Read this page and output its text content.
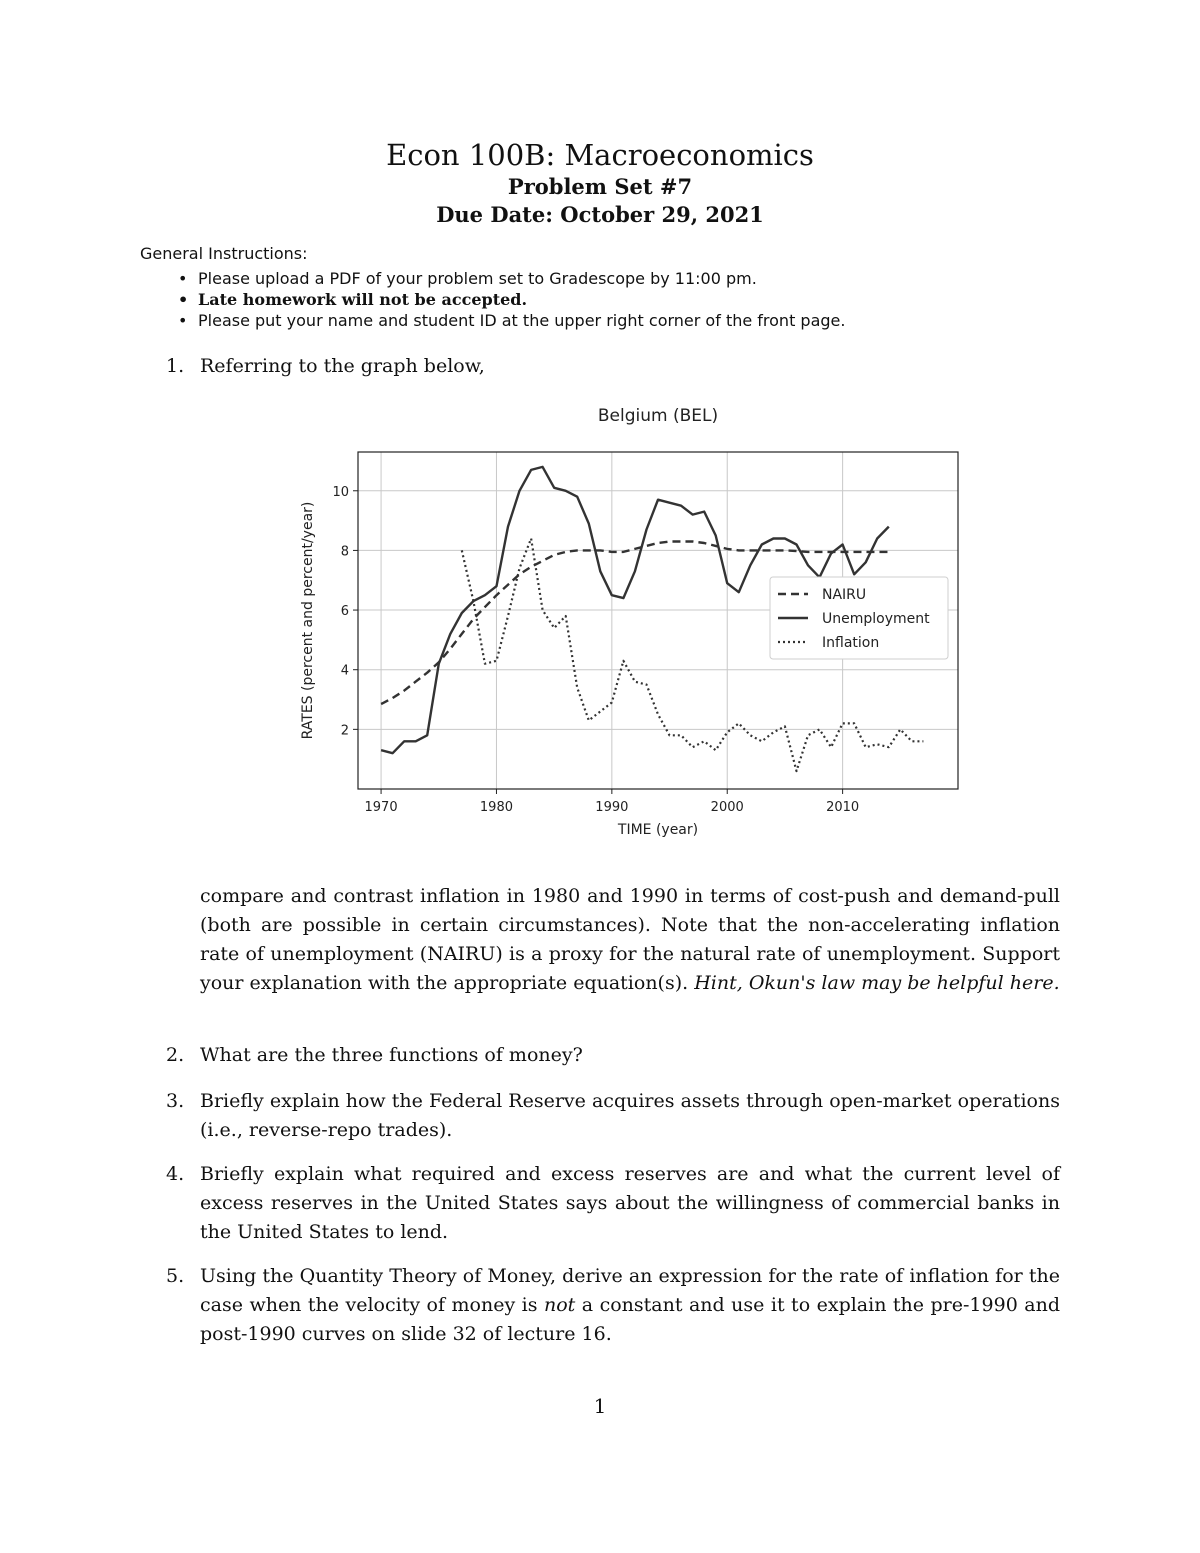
Econ 100B: Macroeconomics
Problem Set #7
Due Date: October 29, 2021
General Instructions:
• Please upload a PDF of your problem set to Gradescope by 11:00 pm.
• Late homework will not be accepted.
• Please put your name and student ID at the upper right corner of the front page.
1. Referring to the graph below,
Belgium (BEL)
1970	1980	1990	2000	2010
2
4
6
8
10
TIME (year)
RATES (percent and percent/year)	NAIRU
Unemployment
Inflation
compare and contrast inflation in 1980 and 1990 in terms of cost-push and demand-pull (both are possible in certain circumstances). Note that the non-accelerating inflation rate of unemployment (NAIRU) is a proxy for the natural rate of unemployment. Support your explanation with the appropriate equation(s). Hint, Okun's law may be helpful here.
2. What are the three functions of money?
3. Briefly explain how the Federal Reserve acquires assets through open-market operations (i.e., reverse-repo trades).
4. Briefly explain what required and excess reserves are and what the current level of excess reserves in the United States says about the willingness of commercial banks in the United States to lend.
5. Using the Quantity Theory of Money, derive an expression for the rate of inflation for the case when the velocity of money is not a constant and use it to explain the pre-1990 and post-1990 curves on slide 32 of lecture 16.
1
